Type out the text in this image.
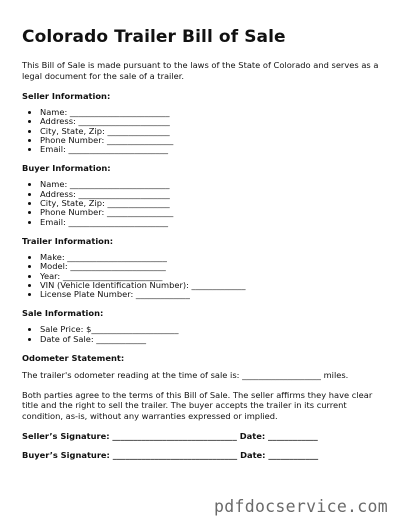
Colorado Trailer Bill of Sale

This Bill of Sale is made pursuant to the laws of the State of Colorado and serves as a legal document for the sale of a trailer.

Seller Information:
• Name: ________________________
• Address: ______________________
• City, State, Zip: _______________
• Phone Number: ________________
• Email: ________________________
Buyer Information:
• Name: ________________________
• Address: ______________________
• City, State, Zip: _______________
• Phone Number: ________________
• Email: ________________________
Trailer Information:
• Make: ________________________
• Model: _______________________
• Year: ________________________
• VIN (Vehicle Identification Number): _____________
• License Plate Number: _____________
Sale Information:
• Sale Price: $_____________________
• Date of Sale: ____________
Odometer Statement:

The trailer's odometer reading at the time of sale is: ___________________ miles.

Both parties agree to the terms of this Bill of Sale. The seller affirms they have clear title and the right to sell the trailer. The buyer accepts the trailer in its current condition, as-is, without any warranties expressed or implied.

Seller’s Signature: ______________________________ Date: ____________
Buyer’s Signature: ______________________________ Date: ____________
pdfdocservice.com
